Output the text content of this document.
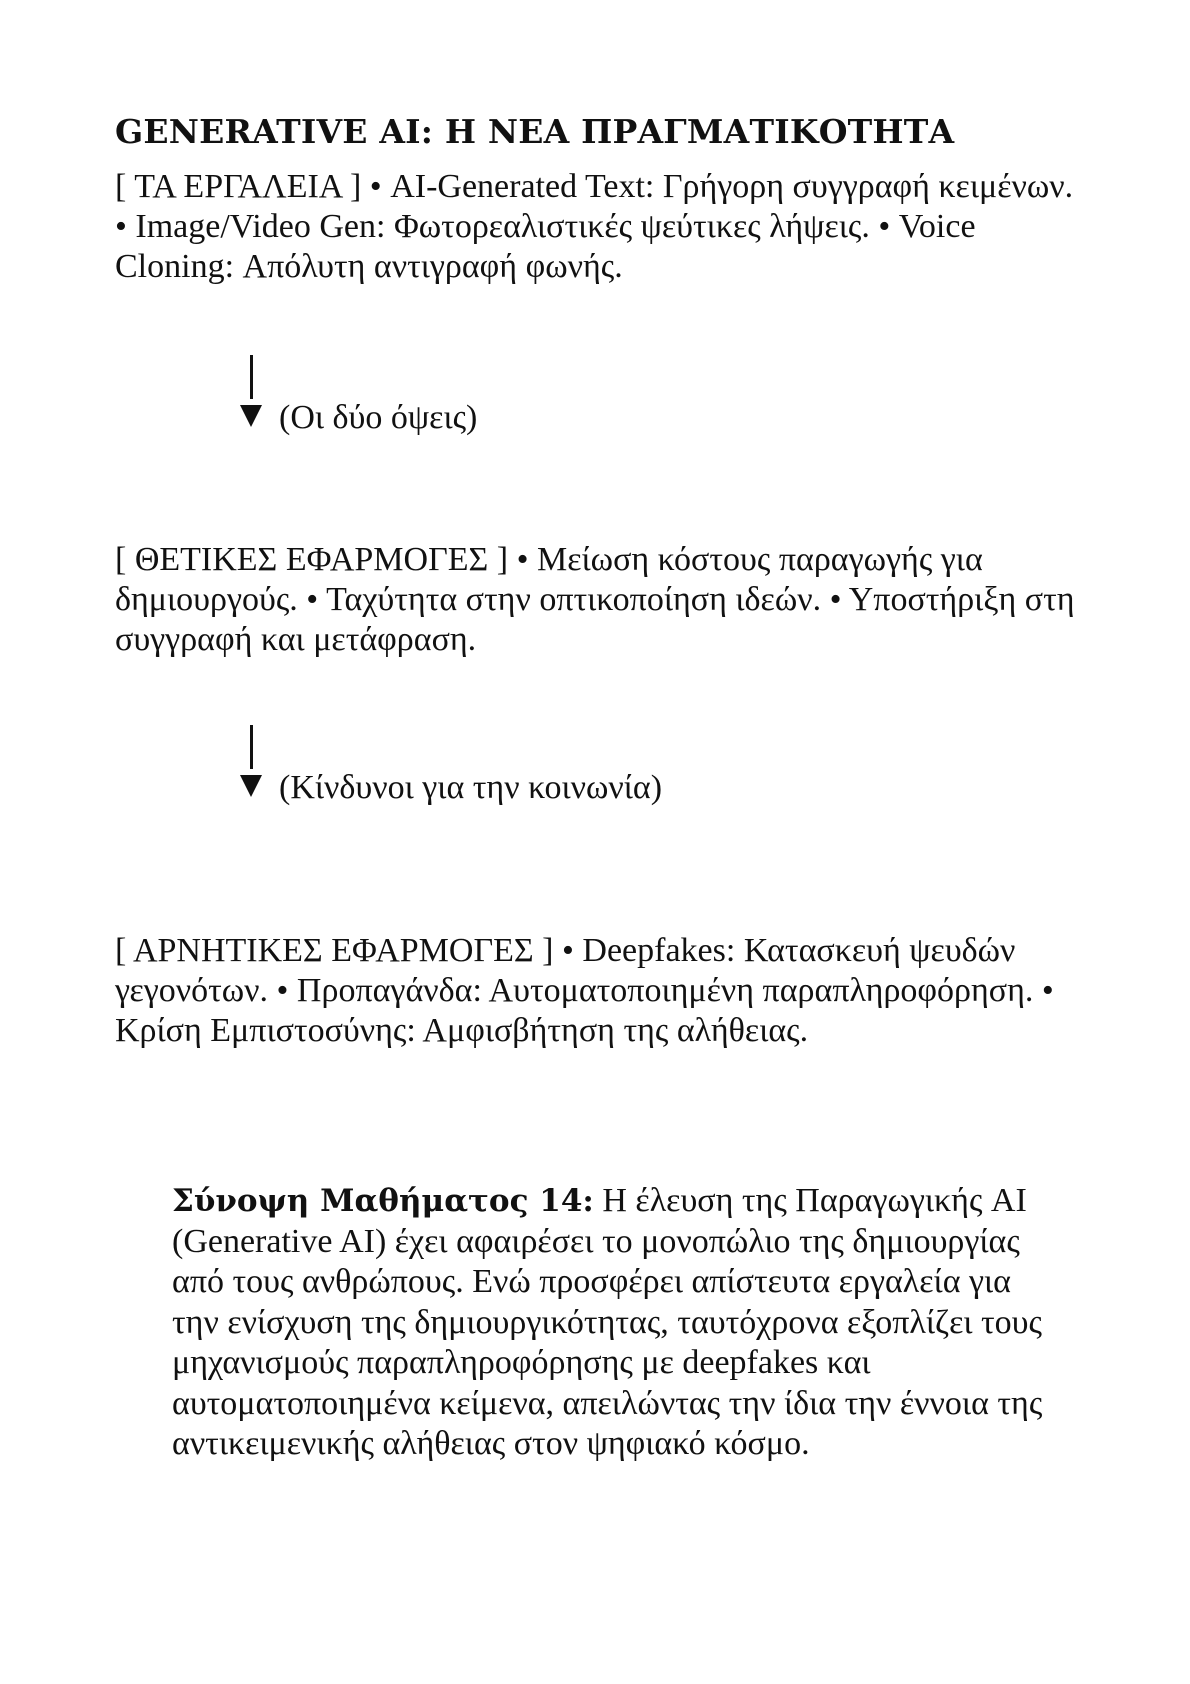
GENERATIVE AI: Η ΝΕΑ ΠΡΑΓΜΑΤΙΚΟΤΗΤΑ

[ ΤΑ ΕΡΓΑΛΕΙΑ ] • AI-Generated Text: Γρήγορη συγγραφή κειμένων. • Image/Video Gen: Φωτορεαλιστικές ψεύτικες λήψεις. • Voice Cloning: Απόλυτη αντιγραφή φωνής.

(Οι δύο όψεις)

[ ΘΕΤΙΚΕΣ ΕΦΑΡΜΟΓΕΣ ] • Μείωση κόστους παραγωγής για δημιουργούς. • Ταχύτητα στην οπτικοποίηση ιδεών. • Υποστήριξη στη συγγραφή και μετάφραση.

(Κίνδυνοι για την κοινωνία)

[ ΑΡΝΗΤΙΚΕΣ ΕΦΑΡΜΟΓΕΣ ] • Deepfakes: Κατασκευή ψευδών γεγονότων. • Προπαγάνδα: Αυτοματοποιημένη παραπληροφόρηση. • Κρίση Εμπιστοσύνης: Αμφισβήτηση της αλήθειας.

Σύνοψη Μαθήματος 14: Η έλευση της Παραγωγικής AI (Generative AI) έχει αφαιρέσει το μονοπώλιο της δημιουργίας από τους ανθρώπους. Ενώ προσφέρει απίστευτα εργαλεία για την ενίσχυση της δημιουργικότητας, ταυτόχρονα εξοπλίζει τους μηχανισμούς παραπληροφόρησης με deepfakes και αυτοματοποιημένα κείμενα, απειλώντας την ίδια την έννοια της αντικειμενικής αλήθειας στον ψηφιακό κόσμο.
